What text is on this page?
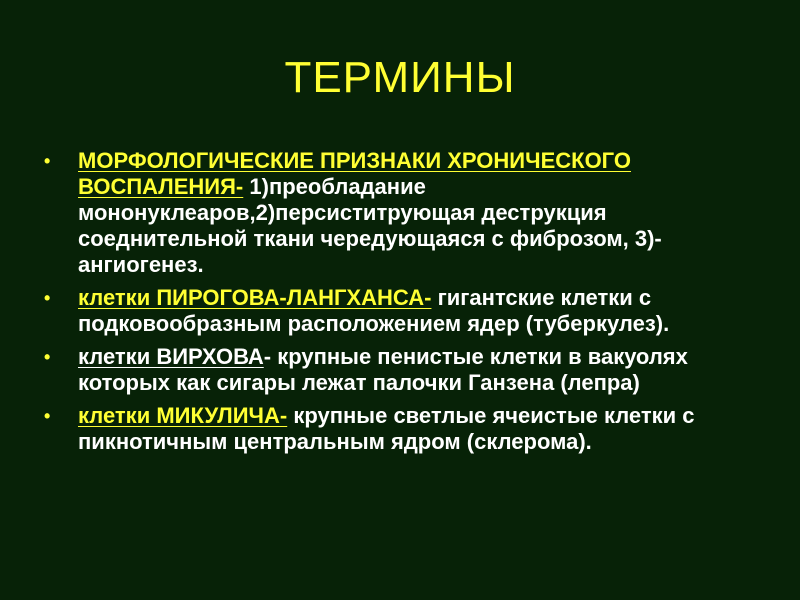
ТЕРМИНЫ
• МОРФОЛОГИЧЕСКИЕ ПРИЗНАКИ ХРОНИЧЕСКОГО ВОСПАЛЕНИЯ- 1)преобладание мононуклеаров,2)персиститрующая деструкция соеднительной ткани чередующаяся с фиброзом, 3)-ангиогенез.
• клетки ПИРОГОВА-ЛАНГХАНСА- гигантские клетки с подковообразным расположением ядер (туберкулез).
• клетки ВИРХОВА- крупные пенистые клетки в вакуолях которых как сигары лежат палочки Ганзена (лепра)
• клетки МИКУЛИЧА- крупные светлые ячеистые клетки с пикнотичным центральным ядром (склерома).
